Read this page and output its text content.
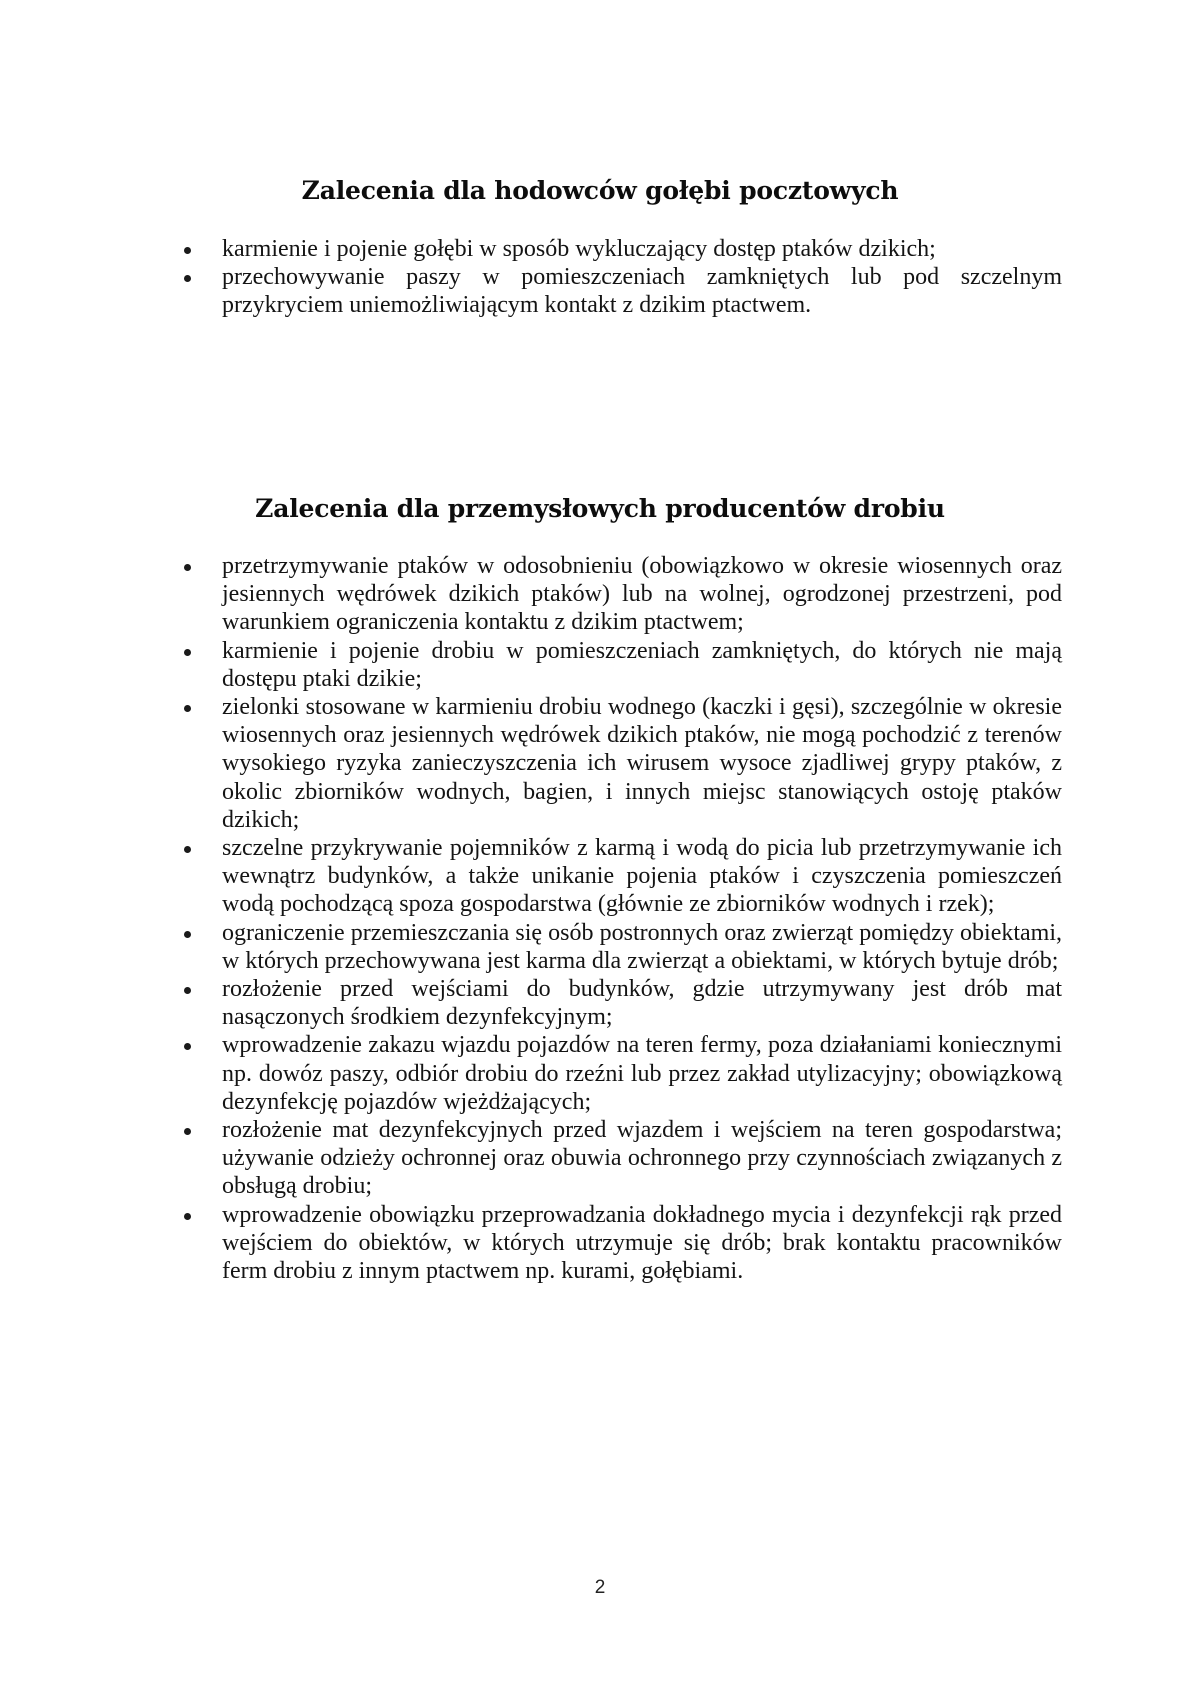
Zalecenia dla hodowców gołębi pocztowych
karmienie i pojenie gołębi w sposób wykluczający dostęp ptaków dzikich;
przechowywanie paszy w pomieszczeniach zamkniętych lub pod szczelnym przykryciem uniemożliwiającym kontakt z dzikim ptactwem.
Zalecenia dla przemysłowych producentów drobiu
przetrzymywanie ptaków w odosobnieniu (obowiązkowo w okresie wiosennych oraz jesiennych wędrówek dzikich ptaków) lub na wolnej, ogrodzonej przestrzeni, pod warunkiem ograniczenia kontaktu z dzikim ptactwem;
karmienie i pojenie drobiu w pomieszczeniach zamkniętych, do których nie mają dostępu ptaki dzikie;
zielonki stosowane w karmieniu drobiu wodnego (kaczki i gęsi), szczególnie w okresie wiosennych oraz jesiennych wędrówek dzikich ptaków, nie mogą pochodzić z terenów wysokiego ryzyka zanieczyszczenia ich wirusem wysoce zjadliwej grypy ptaków, z okolic zbiorników wodnych, bagien, i innych miejsc stanowiących ostoję ptaków dzikich;
szczelne przykrywanie pojemników z karmą i wodą do picia lub przetrzymywanie ich wewnątrz budynków, a także unikanie pojenia ptaków i czyszczenia pomieszczeń wodą pochodzącą spoza gospodarstwa (głównie ze zbiorników wodnych i rzek);
ograniczenie przemieszczania się osób postronnych oraz zwierząt pomiędzy obiektami, w których przechowywana jest karma dla zwierząt a obiektami, w których bytuje drób;
rozłożenie przed wejściami do budynków, gdzie utrzymywany jest drób mat nasączonych środkiem dezynfekcyjnym;
wprowadzenie zakazu wjazdu pojazdów na teren fermy, poza działaniami koniecznymi np. dowóz paszy, odbiór drobiu do rzeźni lub przez zakład utylizacyjny; obowiązkową dezynfekcję pojazdów wjeżdżających;
rozłożenie mat dezynfekcyjnych przed wjazdem i wejściem na teren gospodarstwa; używanie odzieży ochronnej oraz obuwia ochronnego przy czynnościach związanych z obsługą drobiu;
wprowadzenie obowiązku przeprowadzania dokładnego mycia i dezynfekcji rąk przed wejściem do obiektów, w których utrzymuje się drób; brak kontaktu pracowników ferm drobiu z innym ptactwem np. kurami, gołębiami.
2
